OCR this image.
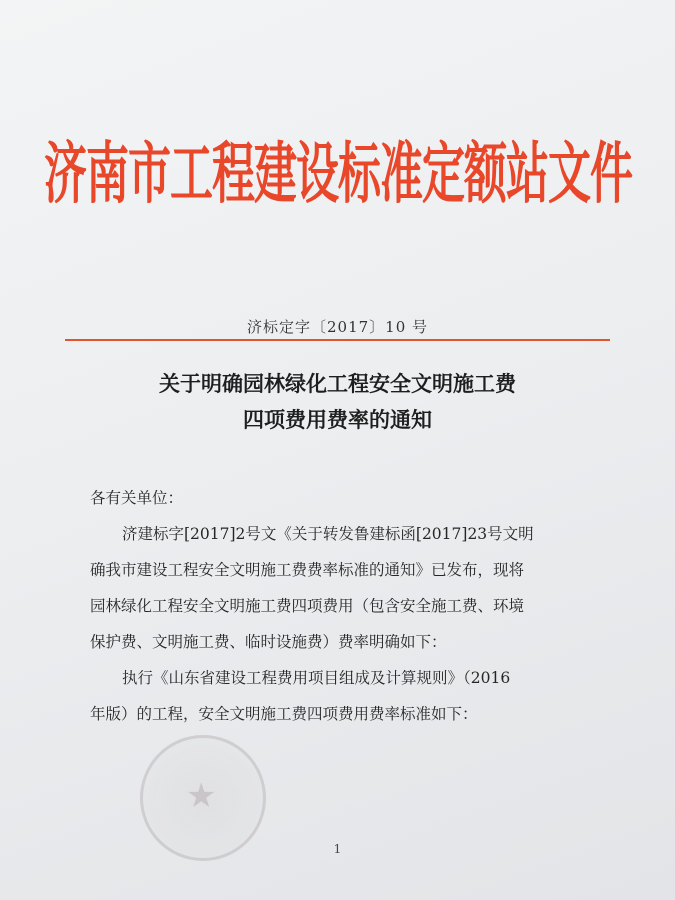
济南市工程建设标准定额站文件
济标定字〔2017〕10 号
关于明确园林绿化工程安全文明施工费
四项费用费率的通知

各有关单位：

济建标字[2017]2号文《关于转发鲁建标函[2017]23号文明

确我市建设工程安全文明施工费费率标准的通知》已发布，现将

园林绿化工程安全文明施工费四项费用（包含安全施工费、环境

保护费、文明施工费、临时设施费）费率明确如下：

执行《山东省建设工程费用项目组成及计算规则》（2016

年版）的工程，安全文明施工费四项费用费率标准如下：

★
1
